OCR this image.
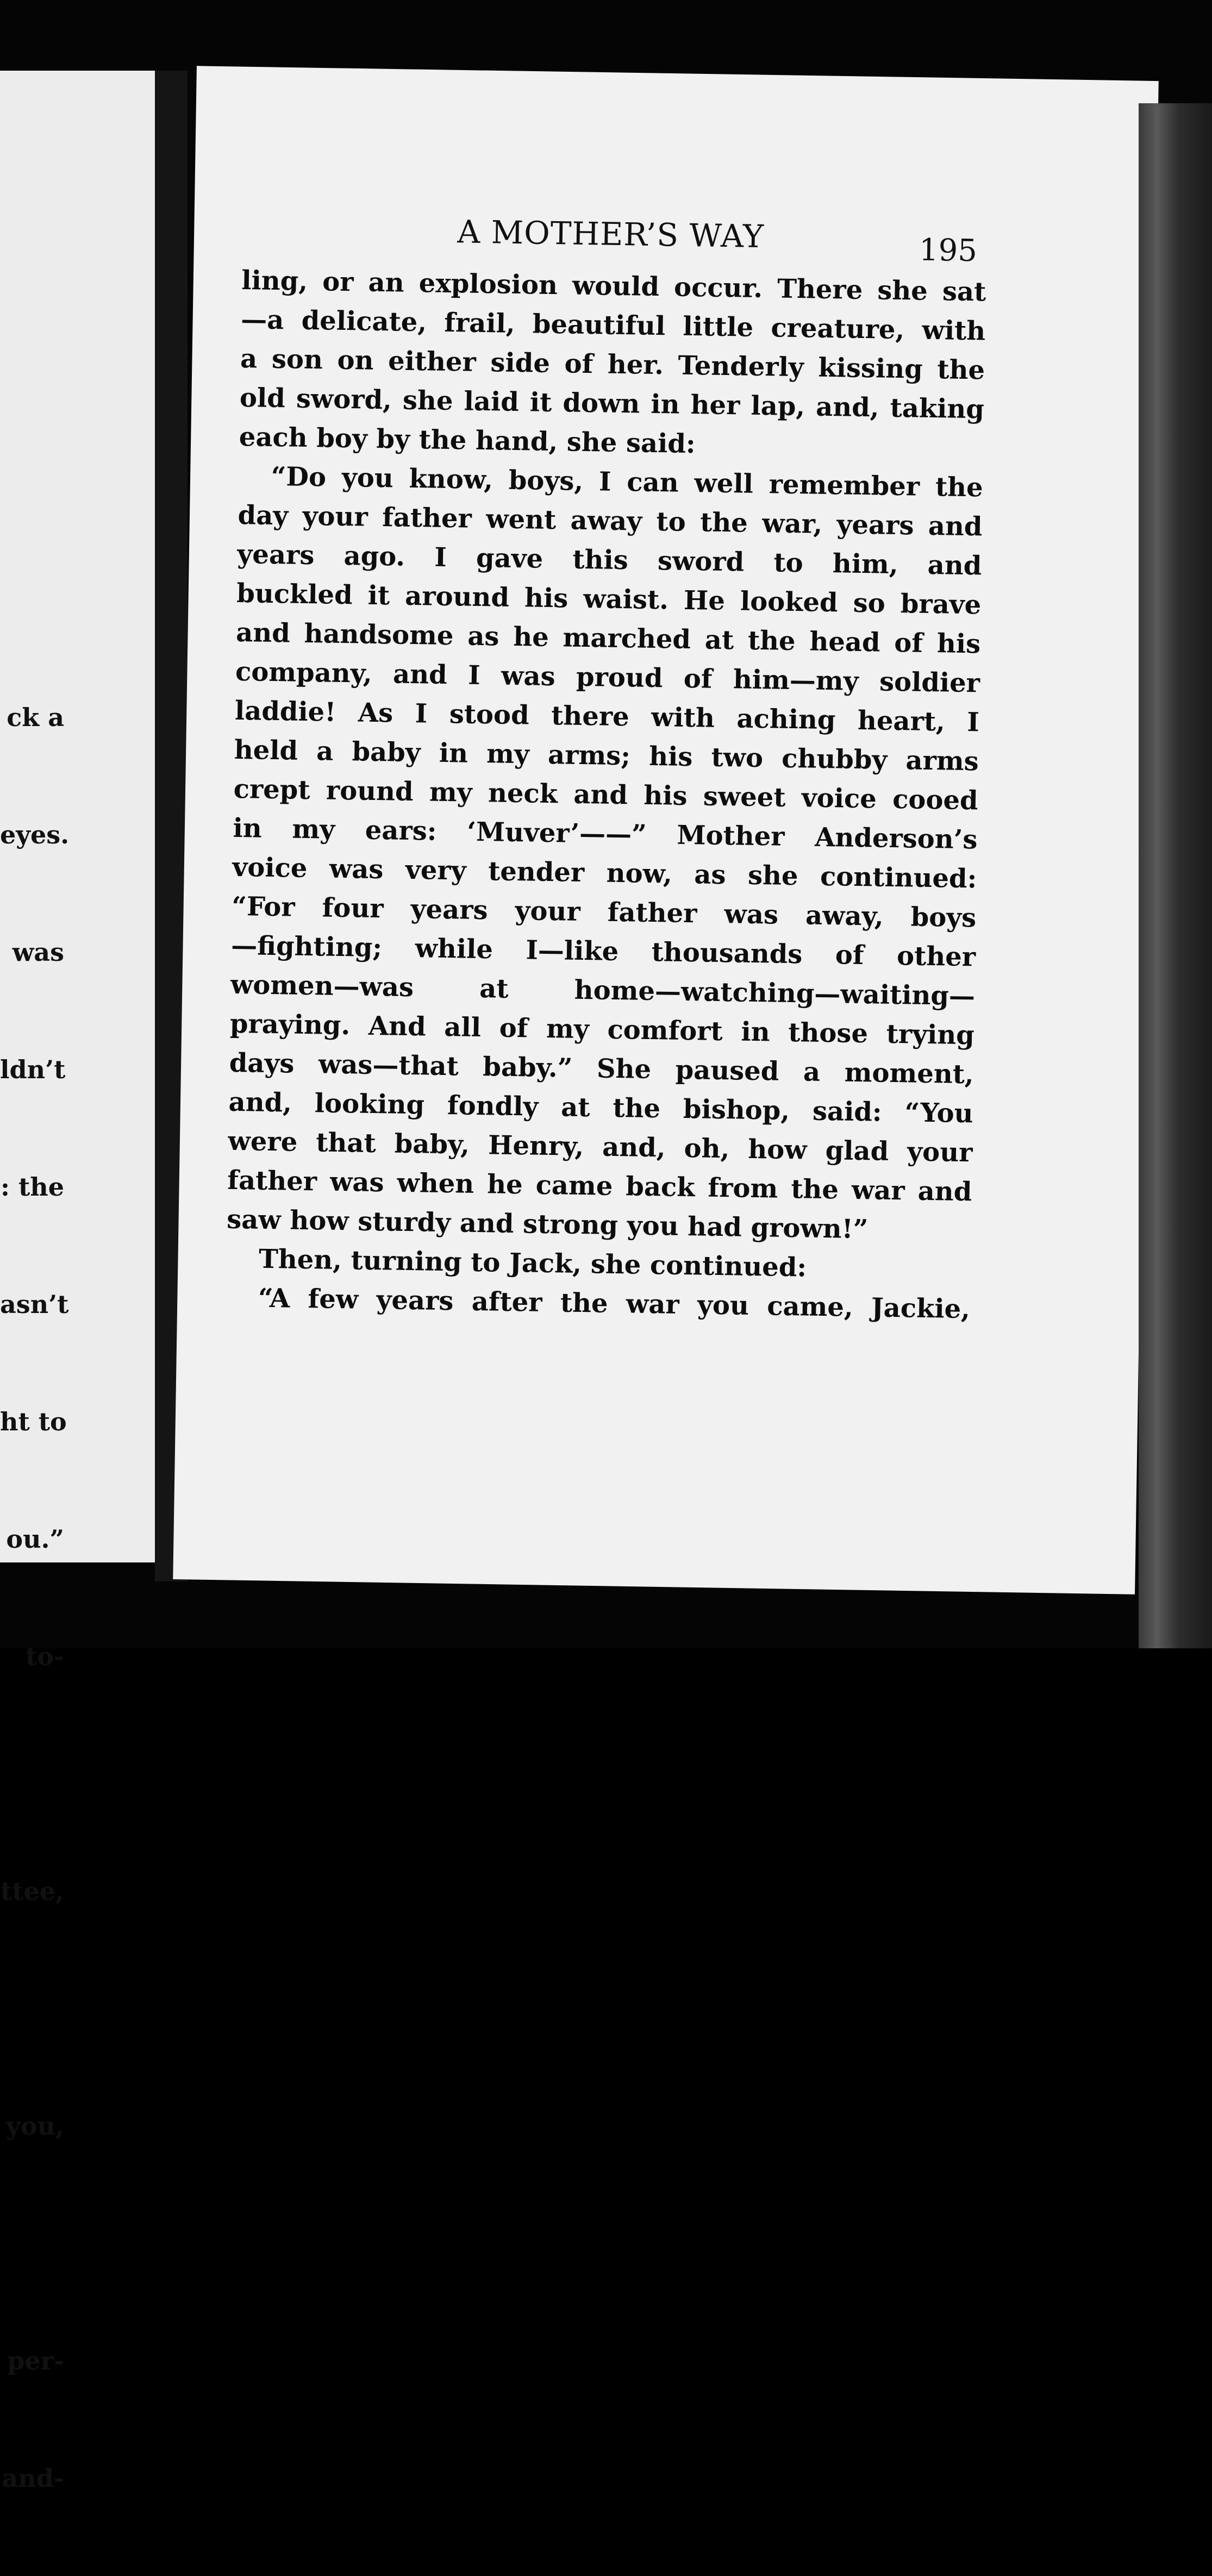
ck a

eyes.

was

ldn’t

: the

asn’t

ht to

ou.”

to-

ttee,

you,

per-

and-

A MOTHER’S WAY	195
ling, or an explosion would occur. There she sat
—a delicate, frail, beautiful little creature, with
a son on either side of her. Tenderly kissing the
old sword, she laid it down in her lap, and, taking
each boy by the hand, she said:
“Do you know, boys, I can well remember the
day your father went away to the war, years and
years ago. I gave this sword to him, and
buckled it around his waist. He looked so brave
and handsome as he marched at the head of his
company, and I was proud of him—my soldier
laddie! As I stood there with aching heart, I
held a baby in my arms; his two chubby arms
crept round my neck and his sweet voice cooed
in my ears: ‘Muver’——” Mother Anderson’s
voice was very tender now, as she continued:
“For four years your father was away, boys
—fighting; while I—like thousands of other
women—was at home—watching—waiting—
praying. And all of my comfort in those trying
days was—that baby.” She paused a moment,
and, looking fondly at the bishop, said: “You
were that baby, Henry, and, oh, how glad your
father was when he came back from the war and
saw how sturdy and strong you had grown!”
Then, turning to Jack, she continued:
“A few years after the war you came, Jackie,
